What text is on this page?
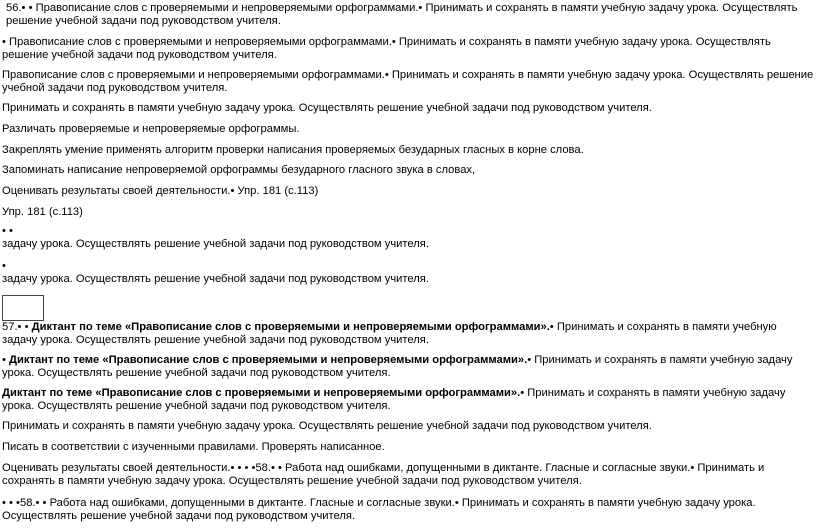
56.• • Правописание слов с проверяемыми и непроверяемыми орфограммами.• Принимать и сохранять в памяти учебную задачу урока. Осуществлять решение учебной задачи под руководством учителя.

• Правописание слов с проверяемыми и непроверяемыми орфограммами.• Принимать и сохранять в памяти учебную задачу урока. Осуществлять решение учебной задачи под руководством учителя.

Правописание слов с проверяемыми и непроверяемыми орфограммами.• Принимать и сохранять в памяти учебную задачу урока. Осуществлять решение учебной задачи под руководством учителя.

Принимать и сохранять в памяти учебную задачу урока. Осуществлять решение учебной задачи под руководством учителя.

Различать проверяемые и непроверяемые орфограммы.

Закреплять умение применять алгоритм проверки написания проверяемых безударных гласных в корне слова.

Запоминать написание непроверяемой орфограммы безударного гласного звука в словах,

Оценивать результаты своей деятельности.• Упр. 181 (с.113)

Упр. 181 (с.113)

• •

задачу урока. Осуществлять решение учебной задачи под руководством учителя.

•

задачу урока. Осуществлять решение учебной задачи под руководством учителя.

57.• • Диктант по теме «Правописание слов с проверяемыми и непроверяемыми орфограммами».• Принимать и сохранять в памяти учебную задачу урока. Осуществлять решение учебной задачи под руководством учителя.

• Диктант по теме «Правописание слов с проверяемыми и непроверяемыми орфограммами».• Принимать и сохранять в памяти учебную задачу урока. Осуществлять решение учебной задачи под руководством учителя.

Диктант по теме «Правописание слов с проверяемыми и непроверяемыми орфограммами».• Принимать и сохранять в памяти учебную задачу урока. Осуществлять решение учебной задачи под руководством учителя.

Принимать и сохранять в памяти учебную задачу урока. Осуществлять решение учебной задачи под руководством учителя.

Писать в соответствии с изученными правилами. Проверять написанное.

Оценивать результаты своей деятельности.• • • •58.• • Работа над ошибками, допущенными в диктанте. Гласные и согласные звуки.• Принимать и сохранять в памяти учебную задачу урока. Осуществлять решение учебной задачи под руководством учителя.

• • •58.• • Работа над ошибками, допущенными в диктанте. Гласные и согласные звуки.• Принимать и сохранять в памяти учебную задачу урока. Осуществлять решение учебной задачи под руководством учителя.
